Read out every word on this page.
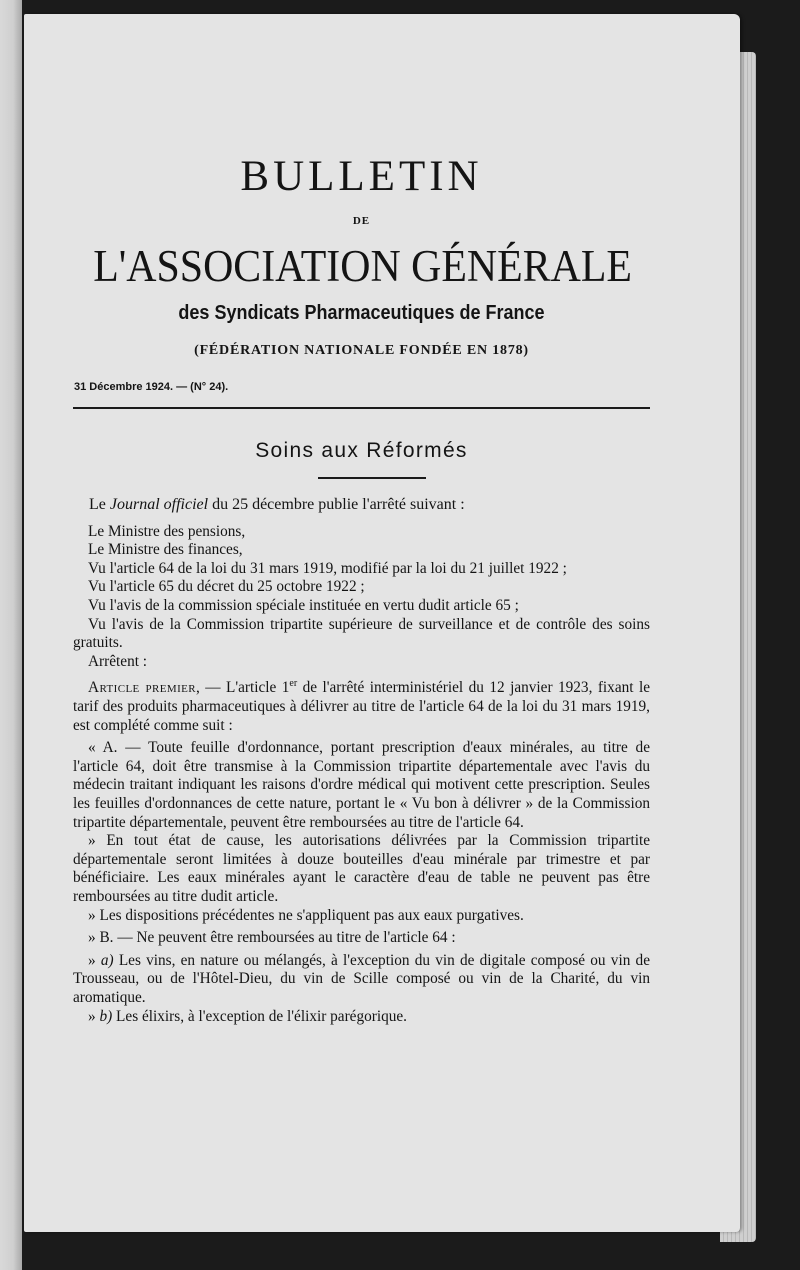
BULLETIN
DE
L'ASSOCIATION GÉNÉRALE
des Syndicats Pharmaceutiques de France
(FÉDÉRATION NATIONALE FONDÉE EN 1878)
31 Décembre 1924. — (N° 24).
Soins aux Réformés

Le Journal officiel du 25 décembre publie l'arrêté suivant :

Le Ministre des pensions,

Le Ministre des finances,

Vu l'article 64 de la loi du 31 mars 1919, modifié par la loi du 21 juillet 1922 ;

Vu l'article 65 du décret du 25 octobre 1922 ;

Vu l'avis de la commission spéciale instituée en vertu dudit article 65 ;

Vu l'avis de la Commission tripartite supérieure de surveillance et de contrôle des soins gratuits.

Arrêtent :

Article premier, — L'article 1er de l'arrêté interministériel du 12 janvier 1923, fixant le tarif des produits pharmaceutiques à délivrer au titre de l'article 64 de la loi du 31 mars 1919, est complété comme suit :

« A. — Toute feuille d'ordonnance, portant prescription d'eaux minérales, au titre de l'article 64, doit être transmise à la Commission tripartite départementale avec l'avis du médecin traitant indiquant les raisons d'ordre médical qui motivent cette prescription. Seules les feuilles d'ordonnances de cette nature, portant le « Vu bon à délivrer » de la Commission tripartite départementale, peuvent être remboursées au titre de l'article 64.

» En tout état de cause, les autorisations délivrées par la Commission tripartite départementale seront limitées à douze bouteilles d'eau minérale par trimestre et par bénéficiaire. Les eaux minérales ayant le caractère d'eau de table ne peuvent pas être remboursées au titre dudit article.

» Les dispositions précédentes ne s'appliquent pas aux eaux purgatives.

» B. — Ne peuvent être remboursées au titre de l'article 64 :

» a) Les vins, en nature ou mélangés, à l'exception du vin de digitale composé ou vin de Trousseau, ou de l'Hôtel-Dieu, du vin de Scille composé ou vin de la Charité, du vin aromatique.

» b) Les élixirs, à l'exception de l'élixir parégorique.
